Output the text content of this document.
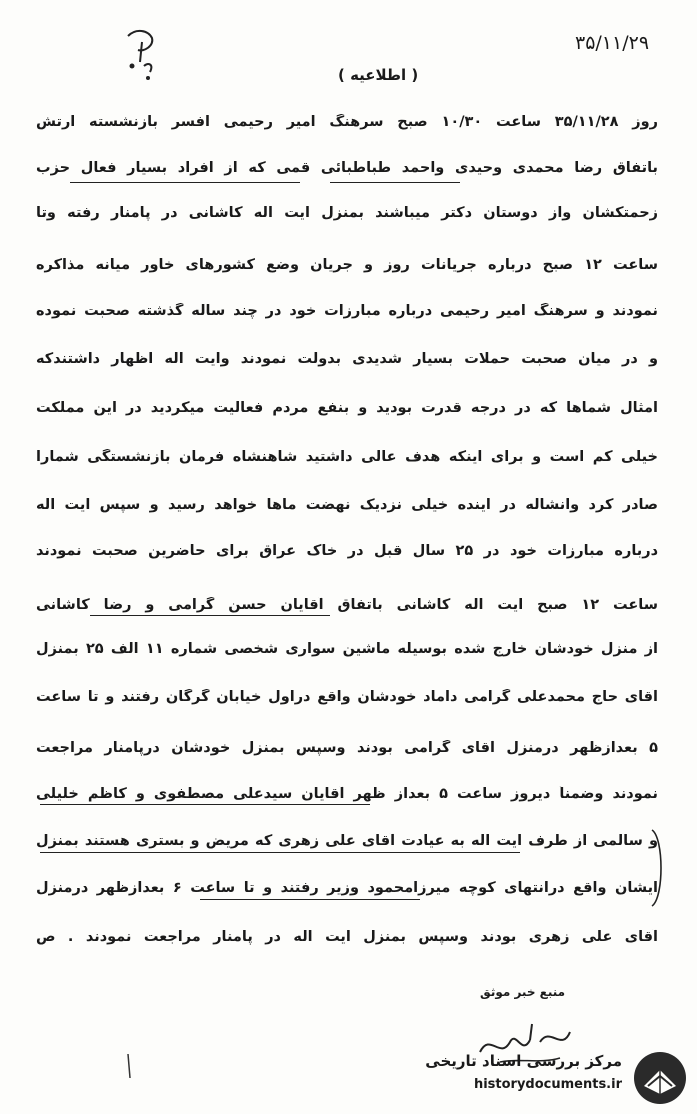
۳۵/۱۱/۲۹
( اطلاعیه )
روز ۳۵/۱۱/۲۸ ساعت ۱۰/۳۰ صبح سرهنگ امیر رحیمی افسر بازنشسته ارتش
باتفاق رضا محمدی وحیدی واحمد طباطبائی قمی که از افراد بسیار فعال حزب
زحمتکشان واز دوستان دکتر میباشند بمنزل ایت اله کاشانی در پامنار رفته وتا
ساعت ۱۲ صبح درباره جریانات روز و جریان وضع کشورهای خاور میانه مذاکره
نمودند و سرهنگ امیر رحیمی درباره مبارزات خود در چند ساله گذشته صحبت نموده
و در میان صحبت حملات بسیار شدیدی بدولت نمودند وایت اله اظهار داشتندکه
امثال شماها که در درجه قدرت بودید و بنفع مردم فعالیت میکردید در این مملکت
خیلی کم است و برای اینکه هدف عالی داشتید شاهنشاه فرمان بازنشستگی شمارا
صادر کرد وانشاله در اینده خیلی نزدیک نهضت ماها خواهد رسید و سپس ایت اله
درباره مبارزات خود در ۲۵ سال قبل در خاک عراق برای حاضرین صحبت نمودند
ساعت ۱۲ صبح ایت اله کاشانی باتفاق آقایان حسن گرامی و رضا کاشانی
از منزل خودشان خارج شده بوسیله ماشین سواری شخصی شماره ۱۱ الف ۲۵ بمنزل
آقای حاج محمدعلی گرامی داماد خودشان واقع دراول خیابان گرگان رفتند و تا ساعت
۵ بعدازظهر درمنزل آقای گرامی بودند وسپس بمنزل خودشان درپامنار مراجعت
نمودند وضمناً دیروز ساعت ۵ بعداز ظهر آقایان سیدعلی مصطفوی و کاظم خلیلی
و سالمی از طرف ایت اله به عیادت آقای علی زهری که مریض و بستری هستند بمنزل
ایشان واقع درانتهای کوچه میرزامحمود وزیر رفتند و تا ساعت ۶ بعدازظهر درمنزل
آقای علی زهری بودند وسپس بمنزل ایت اله در پامنار مراجعت نمودند . ص
منبع خبر موثق
مرکز بررسی اسناد تاریخی
historydocuments.ir
